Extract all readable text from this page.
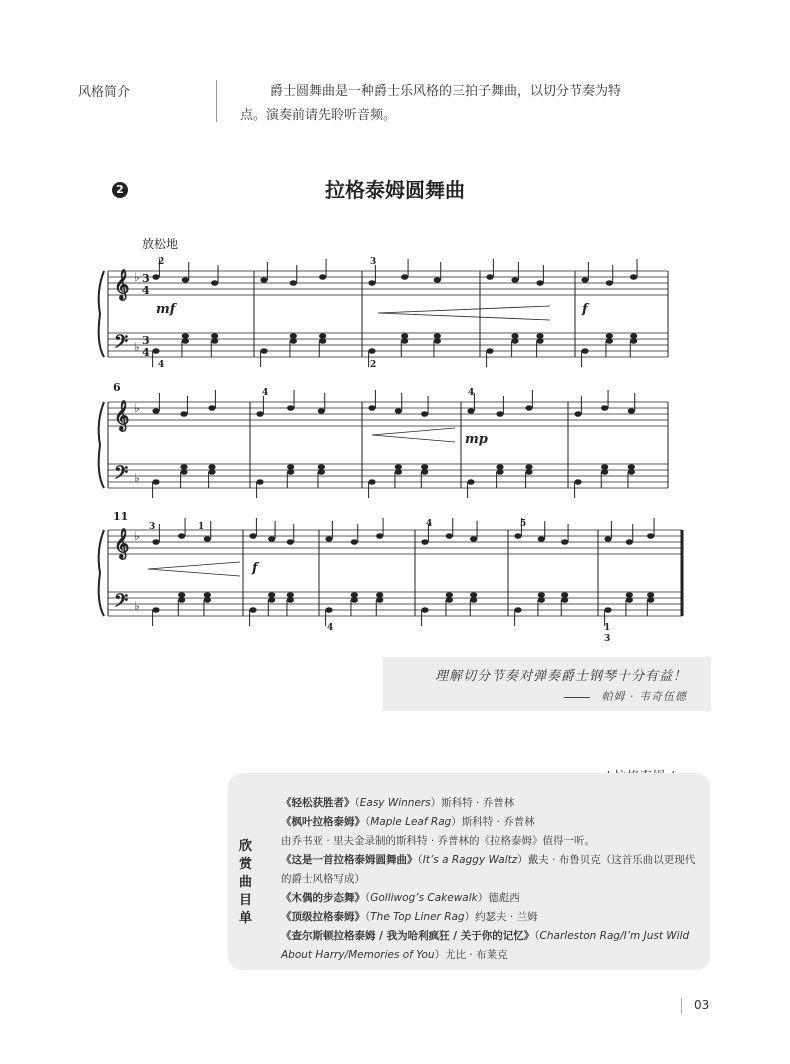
风格简介	爵士圆舞曲是一种爵士乐风格的三拍子舞曲，以切分节奏为特点。演奏前请先聆听音频。
2	拉格泰姆圆舞曲
放松地
𝄞
𝄢
♭
♭
3
4
3
4
𝄞
𝄢
♭
♭
𝄞
𝄢
♭
♭
mf	f
mp
f
6
11
2	3
4	4
4	2
3	1	4	5
4	1
3
理解切分节奏对弹奏爵士钢琴十分有益！
帕姆 · 韦奇伍德
欣赏曲目单
《轻松获胜者》（Easy Winners）斯科特 · 乔普林
《枫叶拉格泰姆》（Maple Leaf Rag）斯科特 · 乔普林
由乔书亚 · 里夫金录制的斯科特 · 乔普林的《拉格泰姆》值得一听。
《这是一首拉格泰姆圆舞曲》（It’s a Raggy Waltz）戴夫 · 布鲁贝克（这首乐曲以更现代的爵士风格写成）
《木偶的步态舞》（Golliwog’s Cakewalk）德彪西
《顶级拉格泰姆》（The Top Liner Rag）约瑟夫 · 兰姆
《查尔斯顿拉格泰姆 / 我为哈利疯狂 / 关于你的记忆》（Charleston Rag/I’m Just Wild About Harry/Memories of You）尤比 · 布莱克
03
